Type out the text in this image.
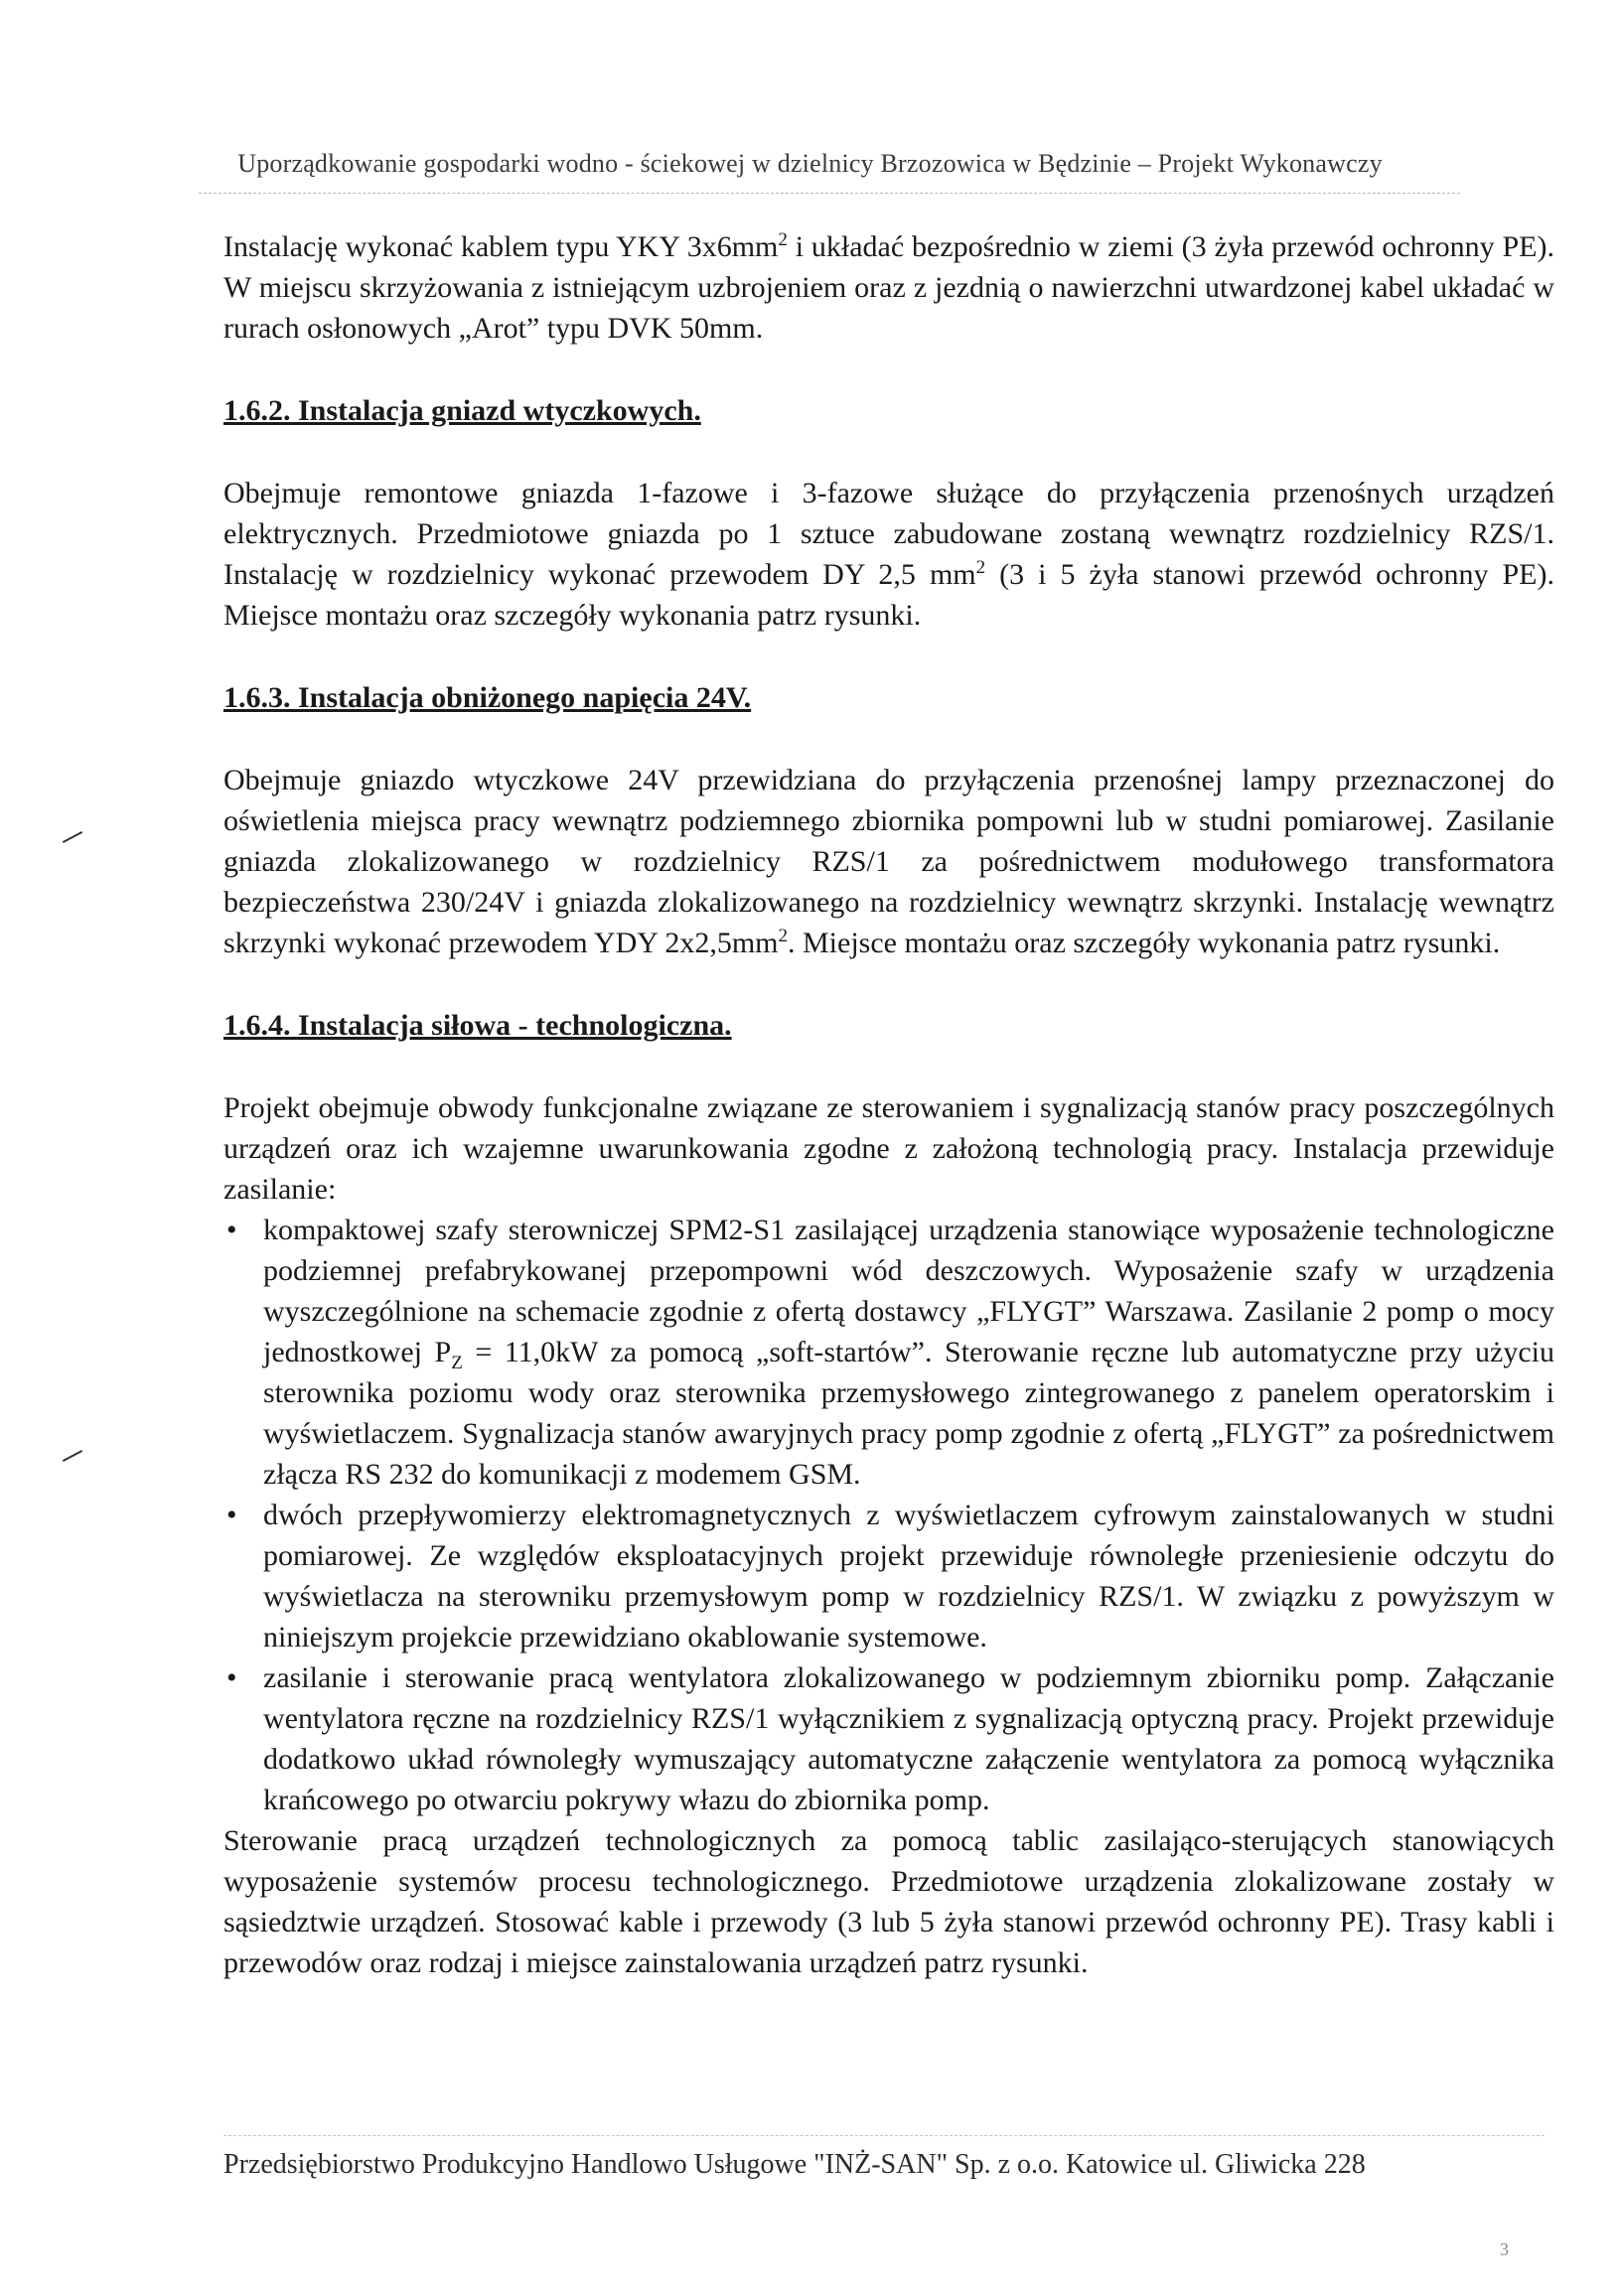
Uporządkowanie gospodarki wodno - ściekowej w dzielnicy Brzozowica w Będzinie – Projekt Wykonawczy

Instalację wykonać kablem typu YKY $3x6mm^2$ i układać bezpośrednio w ziemi (3 żyła przewód ochronny PE). W miejscu skrzyżowania z istniejącym uzbrojeniem oraz z jezdnią o nawierzchni utwardzonej kabel układać w rurach osłonowych „Arot” typu DVK 50mm.

1.6.2. Instalacja gniazd wtyczkowych.

Obejmuje remontowe gniazda 1-fazowe i 3-fazowe służące do przyłączenia przenośnych urządzeń elektrycznych. Przedmiotowe gniazda po 1 sztuce zabudowane zostaną wewnątrz rozdzielnicy RZS/1. Instalację w rozdzielnicy wykonać przewodem DY 2,5 $mm^2$ (3 i 5 żyła stanowi przewód ochronny PE). Miejsce montażu oraz szczegóły wykonania patrz rysunki.

1.6.3. Instalacja obniżonego napięcia 24V.

Obejmuje gniazdo wtyczkowe 24V przewidziana do przyłączenia przenośnej lampy przeznaczonej do oświetlenia miejsca pracy wewnątrz podziemnego zbiornika pompowni lub w studni pomiarowej. Zasilanie gniazda zlokalizowanego w rozdzielnicy RZS/1 za pośrednictwem modułowego transformatora bezpieczeństwa 230/24V i gniazda zlokalizowanego na rozdzielnicy wewnątrz skrzynki. Instalację wewnątrz skrzynki wykonać przewodem YDY $2x2,5mm^2$. Miejsce montażu oraz szczegóły wykonania patrz rysunki.

1.6.4. Instalacja siłowa - technologiczna.

Projekt obejmuje obwody funkcjonalne związane ze sterowaniem i sygnalizacją stanów pracy poszczególnych urządzeń oraz ich wzajemne uwarunkowania zgodne z założoną technologią pracy. Instalacja przewiduje zasilanie:

• kompaktowej szafy sterowniczej SPM2-S1 zasilającej urządzenia stanowiące wyposażenie technologiczne podziemnej prefabrykowanej przepompowni wód deszczowych. Wyposażenie szafy w urządzenia wyszczególnione na schemacie zgodnie z ofertą dostawcy „FLYGT” Warszawa. Zasilanie 2 pomp o mocy jednostkowej $P_Z = 11,0kW$ za pomocą „soft-startów”. Sterowanie ręczne lub automatyczne przy użyciu sterownika poziomu wody oraz sterownika przemysłowego zintegrowanego z panelem operatorskim i wyświetlaczem. Sygnalizacja stanów awaryjnych pracy pomp zgodnie z ofertą „FLYGT” za pośrednictwem złącza RS 232 do komunikacji z modemem GSM.
• dwóch przepływomierzy elektromagnetycznych z wyświetlaczem cyfrowym zainstalowanych w studni pomiarowej. Ze względów eksploatacyjnych projekt przewiduje równoległe przeniesienie odczytu do wyświetlacza na sterowniku przemysłowym pomp w rozdzielnicy RZS/1. W związku z powyższym w niniejszym projekcie przewidziano okablowanie systemowe.
• zasilanie i sterowanie pracą wentylatora zlokalizowanego w podziemnym zbiorniku pomp. Załączanie wentylatora ręczne na rozdzielnicy RZS/1 wyłącznikiem z sygnalizacją optyczną pracy. Projekt przewiduje dodatkowo układ równoległy wymuszający automatyczne załączenie wentylatora za pomocą wyłącznika krańcowego po otwarciu pokrywy włazu do zbiornika pomp.

Sterowanie pracą urządzeń technologicznych za pomocą tablic zasilająco-sterujących stanowiących wyposażenie systemów procesu technologicznego. Przedmiotowe urządzenia zlokalizowane zostały w sąsiedztwie urządzeń. Stosować kable i przewody (3 lub 5 żyła stanowi przewód ochronny PE). Trasy kabli i przewodów oraz rodzaj i miejsce zainstalowania urządzeń patrz rysunki.

Przedsiębiorstwo Produkcyjno Handlowo Usługowe "INŻ-SAN" Sp. z o.o. Katowice ul. Gliwicka 228
3
